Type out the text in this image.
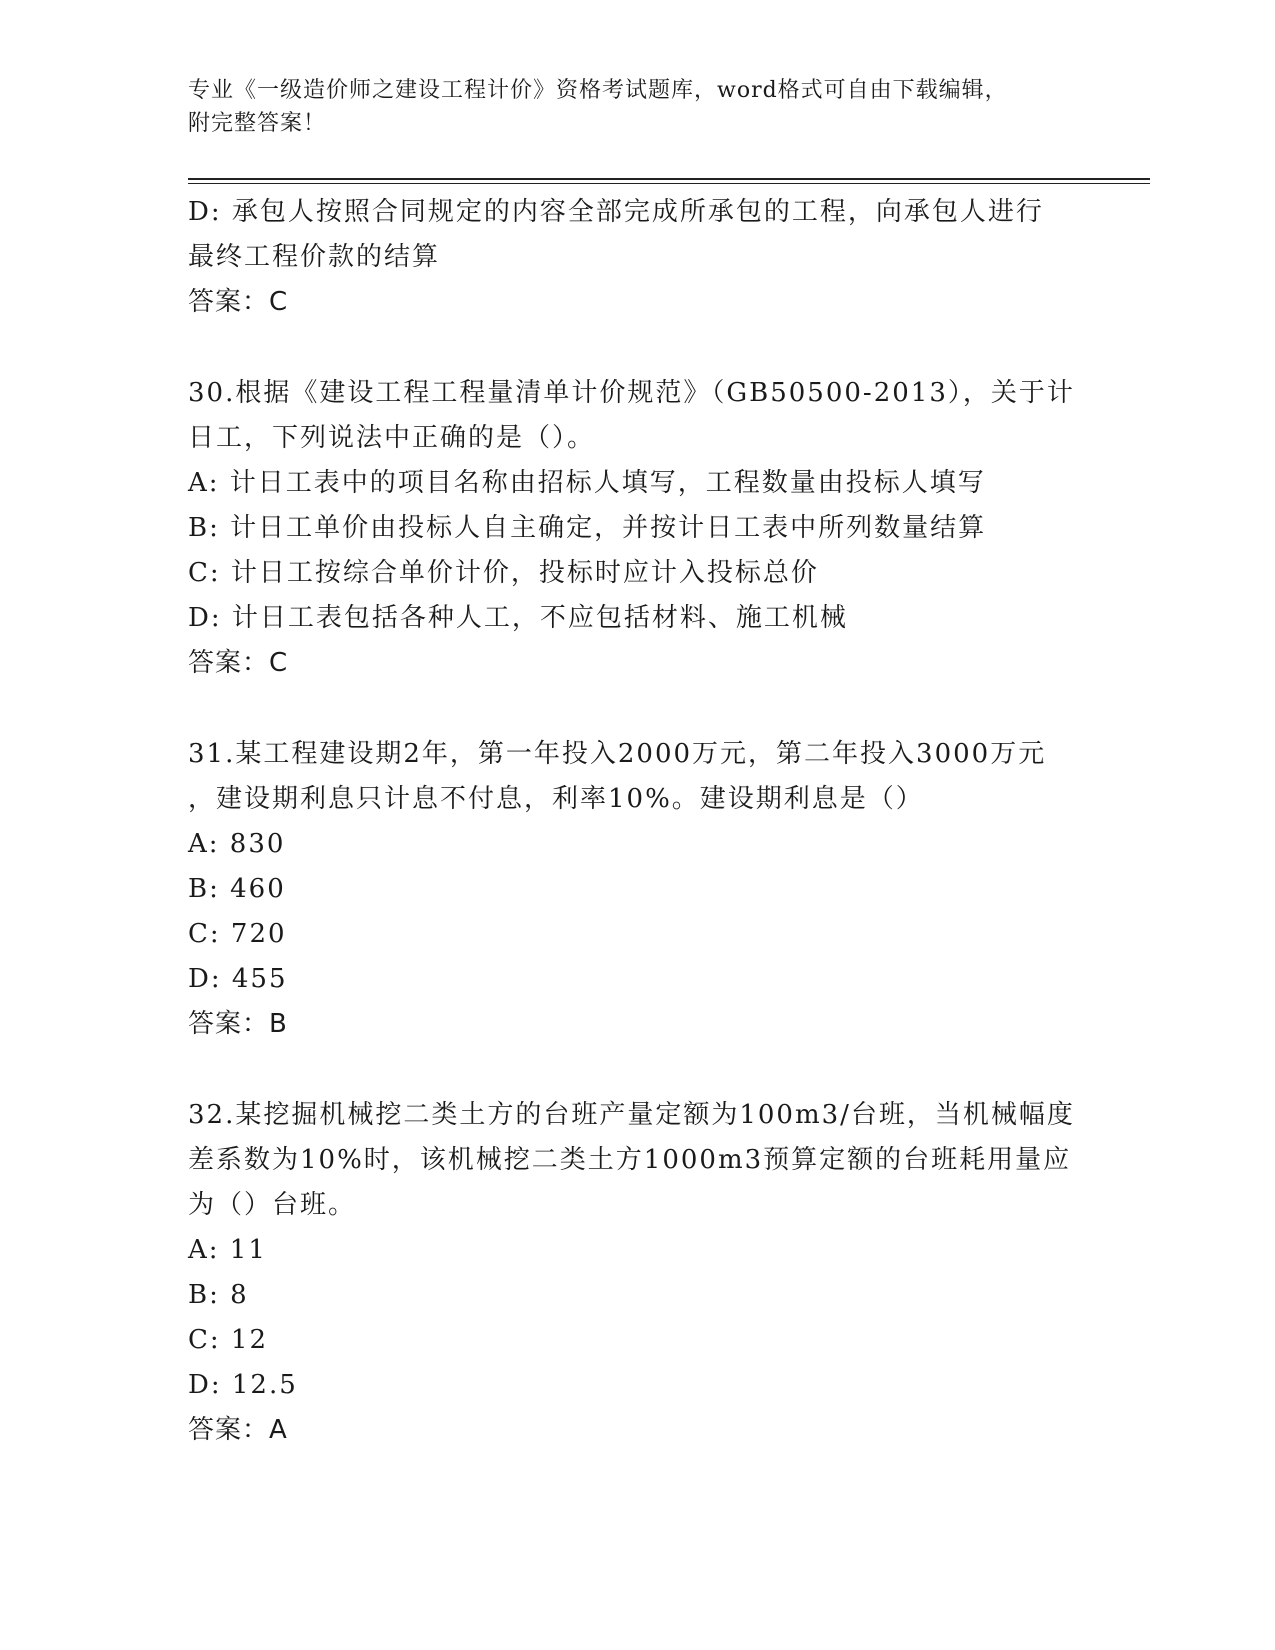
专业《一级造价师之建设工程计价》资格考试题库，word格式可自由下载编辑，
附完整答案！
D: 承包人按照合同规定的内容全部完成所承包的工程，向承包人进行
最终工程价款的结算
答案：C
30.根据《建设工程工程量清单计价规范》（GB50500-2013），关于计
日工，下列说法中正确的是（）。
A: 计日工表中的项目名称由招标人填写，工程数量由投标人填写
B: 计日工单价由投标人自主确定，并按计日工表中所列数量结算
C: 计日工按综合单价计价，投标时应计入投标总价
D: 计日工表包括各种人工，不应包括材料、施工机械
答案：C
31.某工程建设期2年，第一年投入2000万元，第二年投入3000万元
，建设期利息只计息不付息，利率10%。建设期利息是（）
A: 830
B: 460
C: 720
D: 455
答案：B
32.某挖掘机械挖二类土方的台班产量定额为100m3/台班，当机械幅度
差系数为10%时，该机械挖二类土方1000m3预算定额的台班耗用量应
为（）台班。
A: 11
B: 8
C: 12
D: 12.5
答案：A
